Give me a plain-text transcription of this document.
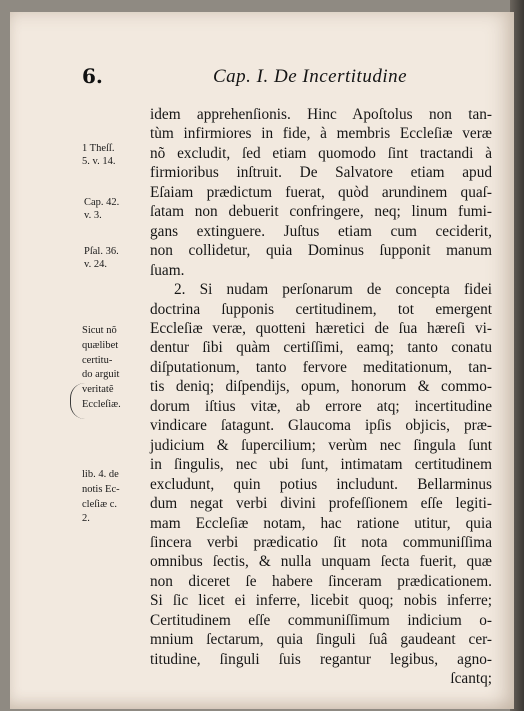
6.	Cap. I. De Incertitudine
1 Theſſ.
5. v. 14.
Cap. 42.
v. 3.
Pſal. 36.
v. 24.
Sicut nõ
quælibet
certitu-
do arguit
veritatẽ
Eccleſiæ.
lib. 4. de
notis Ec-
cleſiæ c.
2.
idem apprehenſionis. Hinc Apoſtolus non tan-
tùm infirmiores in fide, à membris Eccleſiæ veræ
nõ excludit, ſed etiam quomodo ſint tractandi à
firmioribus inſtruit. De Salvatore etiam apud
Eſaiam prædictum fuerat, quòd arundinem quaſ-
ſatam non debuerit confringere, neq; linum fumi-
gans extinguere. Juſtus etiam cum ceciderit,
non collidetur, quia Dominus ſupponit manum
ſuam.
2. Si nudam perſonarum de concepta fidei
doctrina ſupponis certitudinem, tot emergent
Eccleſiæ veræ, quotteni hæretici de ſua hæreſi vi-
dentur ſibi quàm certiſſimi, eamq; tanto conatu
diſputationum, tanto fervore meditationum, tan-
tis deniq; diſpendijs, opum, honorum & commo-
dorum iſtius vitæ, ab errore atq; incertitudine
vindicare ſatagunt. Glaucoma ipſis objicis, præ-
judicium & ſupercilium; verùm nec ſingula ſunt
in ſingulis, nec ubi ſunt, intimatam certitudinem
excludunt, quin potius includunt. Bellarminus
dum negat verbi divini profeſſionem eſſe legiti-
mam Eccleſiæ notam, hac ratione utitur, quia
ſincera verbi prædicatio ſit nota communiſſima
omnibus ſectis, & nulla unquam ſecta fuerit, quæ
non diceret ſe habere ſinceram prædicationem.
Si ſic licet ei inferre, licebit quoq; nobis inferre;
Certitudinem eſſe communiſſimum indicium o-
mnium ſectarum, quia ſinguli ſuâ gaudeant cer-
titudine, ſinguli ſuis regantur legibus, agno-
ſcantq;
